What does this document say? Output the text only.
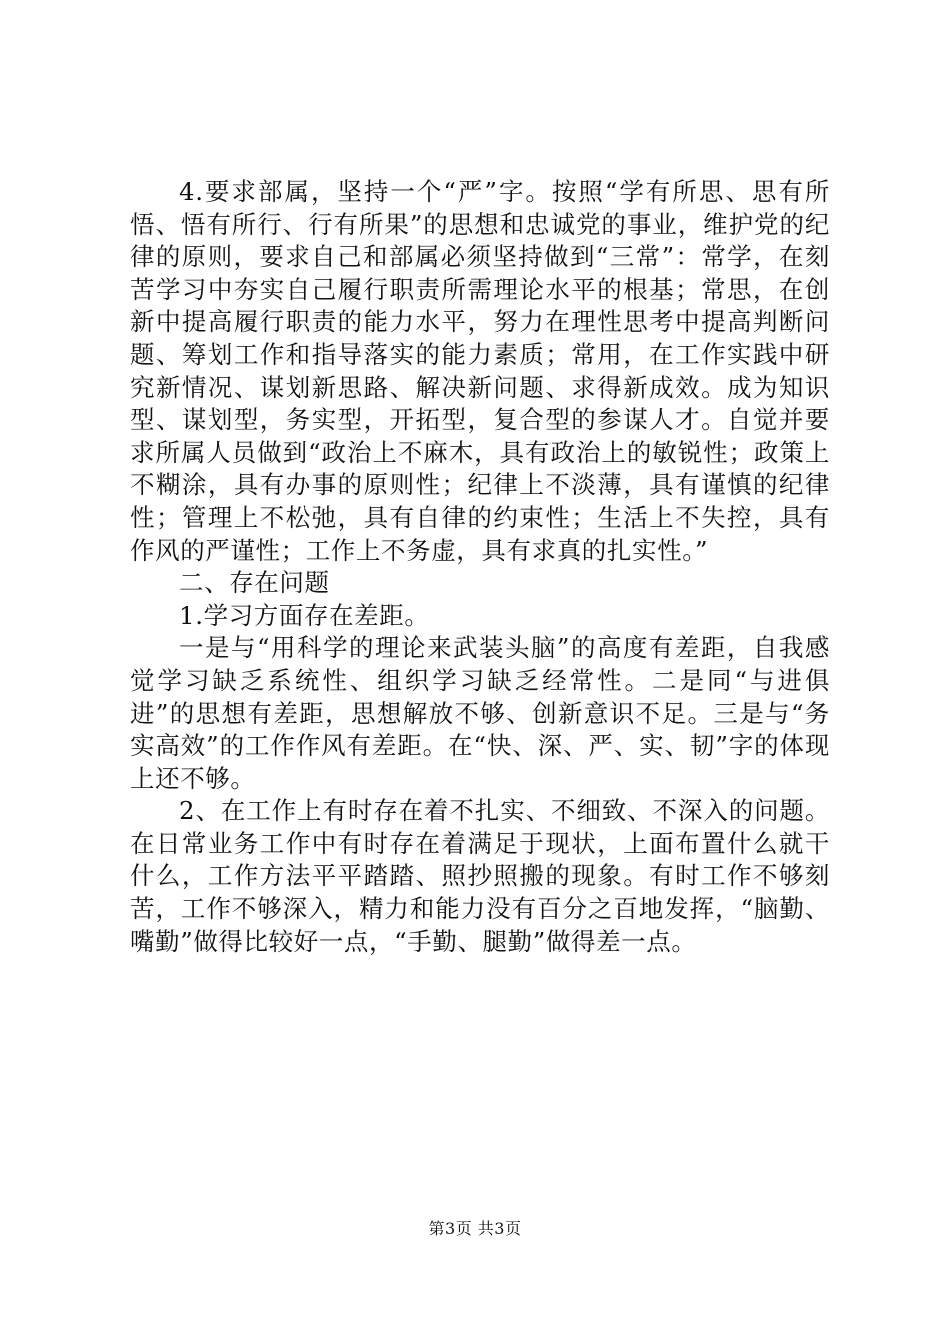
4.要求部属，坚持一个“严”字。按照“学有所思、思有所悟、悟有所行、行有所果”的思想和忠诚党的事业，维护党的纪律的原则，要求自己和部属必须坚持做到“三常”：常学，在刻苦学习中夯实自己履行职责所需理论水平的根基；常思，在创新中提高履行职责的能力水平，努力在理性思考中提高判断问题、筹划工作和指导落实的能力素质；常用，在工作实践中研究新情况、谋划新思路、解决新问题、求得新成效。成为知识型、谋划型，务实型，开拓型，复合型的参谋人才。自觉并要求所属人员做到“政治上不麻木，具有政治上的敏锐性；政策上不糊涂，具有办事的原则性；纪律上不淡薄，具有谨慎的纪律性；管理上不松弛，具有自律的约束性；生活上不失控，具有作风的严谨性；工作上不务虚，具有求真的扎实性。”

二、存在问题

1.学习方面存在差距。

一是与“用科学的理论来武装头脑”的高度有差距，自我感觉学习缺乏系统性、组织学习缺乏经常性。二是同“与进俱进”的思想有差距，思想解放不够、创新意识不足。三是与“务实高效”的工作作风有差距。在“快、深、严、实、韧”字的体现上还不够。

2、在工作上有时存在着不扎实、不细致、不深入的问题。在日常业务工作中有时存在着满足于现状，上面布置什么就干什么，工作方法平平踏踏、照抄照搬的现象。有时工作不够刻苦，工作不够深入，精力和能力没有百分之百地发挥，“脑勤、嘴勤”做得比较好一点，“手勤、腿勤”做得差一点。

第3页 共3页
